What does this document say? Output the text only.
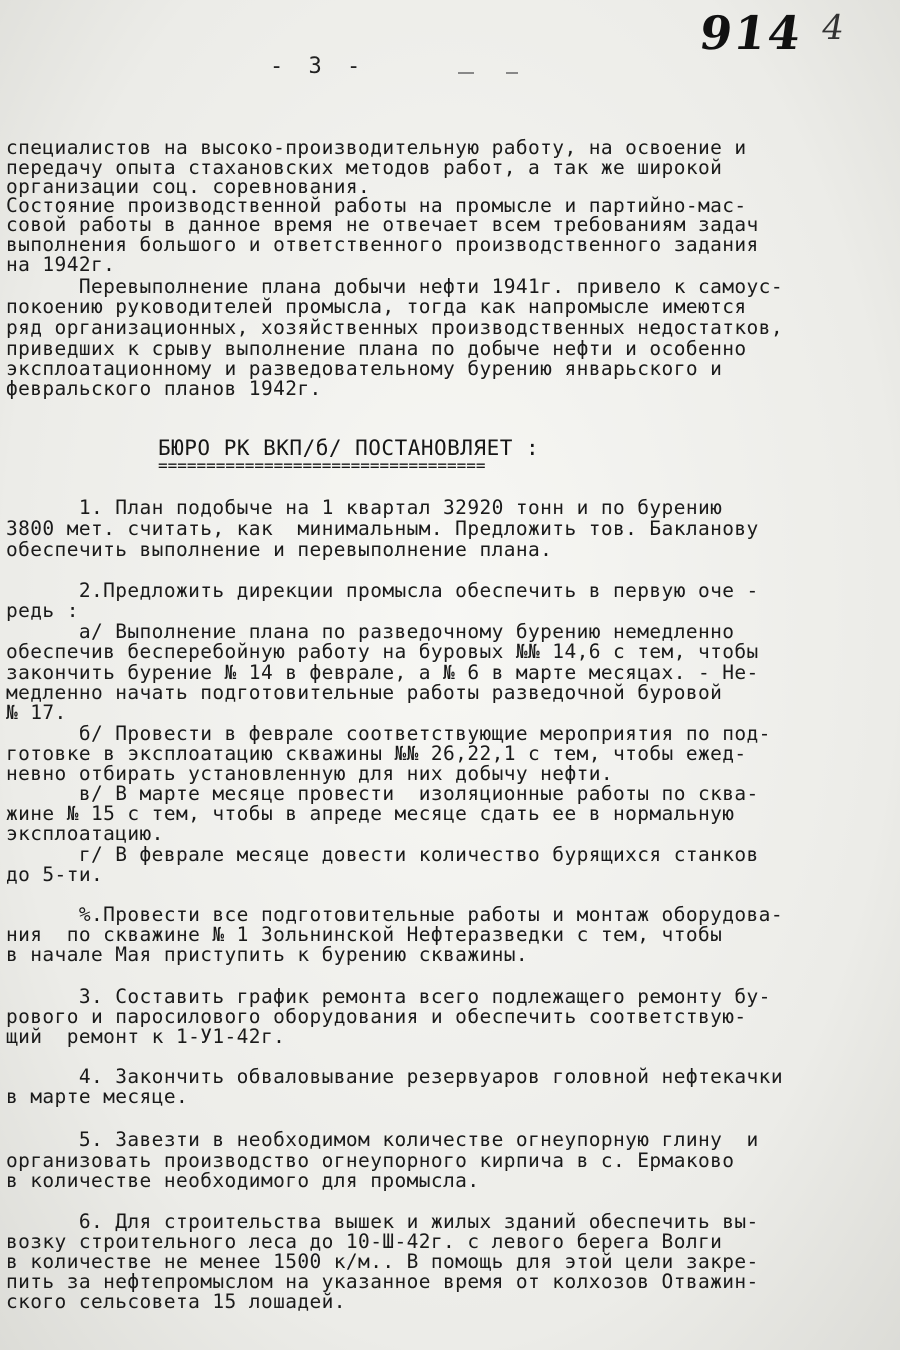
- 3 -
914 4
специалистов на высоко-производительную работу, на освоение и
передачу опыта стахановских методов работ, а так же широкой
организации соц. соревнования.
Состояние производственной работы на промысле и партийно-мас-
совой работы в данное время не отвечает всем требованиям задач
выполнения большого и ответственного производственного задания
на 1942г.
Перевыполнение плана добычи нефти 1941г. привело к самоус-
покоению руководителей промысла, тогда как напромысле имеются
ряд организационных, хозяйственных производственных недостатков,
приведших к срыву выполнение плана по добыче нефти и особенно
эксплоатационному и разведовательному бурению январьского и
февральского планов 1942г.
БЮРО РК ВКП/б/ ПОСТАНОВЛЯЕТ :
==================================
1. План подобыче на 1 квартал 32920 тонн и по бурению
3800 мет. считать, как  минимальным. Предложить тов. Бакланову
обеспечить выполнение и перевыполнение плана.
2.Предложить дирекции промысла обеспечить в первую оче -
редь :
а/ Выполнение плана по разведочному бурению немедленно
обеспечив бесперебойную работу на буровых №№ 14,6 с тем, чтобы
закончить бурение № 14 в феврале, а № 6 в марте месяцах. - Не-
медленно начать подготовительные работы разведочной буровой
№ 17.
б/ Провести в феврале соответствующие мероприятия по под-
готовке в эксплоатацию скважины №№ 26,22,1 с тем, чтобы ежед-
невно отбирать установленную для них добычу нефти.
в/ В марте месяце провести  изоляционные работы по сква-
жине № 15 с тем, чтобы в апреде месяце сдать ее в нормальную
эксплоатацию.
г/ В феврале месяце довести количество бурящихся станков
до 5-ти.
%.Провести все подготовительные работы и монтаж оборудова-
ния  по скважине № 1 Зольнинской Нефтеразведки с тем, чтобы
в начале Мая приступить к бурению скважины.
3. Составить график ремонта всего подлежащего ремонту бу-
рового и паросилового оборудования и обеспечить соответствую-
щий  ремонт к 1-У1-42г.
4. Закончить обваловывание резервуаров головной нефтекачки
в марте месяце.
5. Завезти в необходимом количестве огнеупорную глину  и
организовать производство огнеупорного кирпича в с. Ермаково
в количестве необходимого для промысла.
6. Для строительства вышек и жилых зданий обеспечить вы-
возку строительного леса до 10-Ш-42г. с левого берега Волги
в количестве не менее 1500 к/м.. В помощь для этой цели закре-
пить за нефтепромыслом на указанное время от колхозов Отважин-
ского сельсовета 15 лошадей.
